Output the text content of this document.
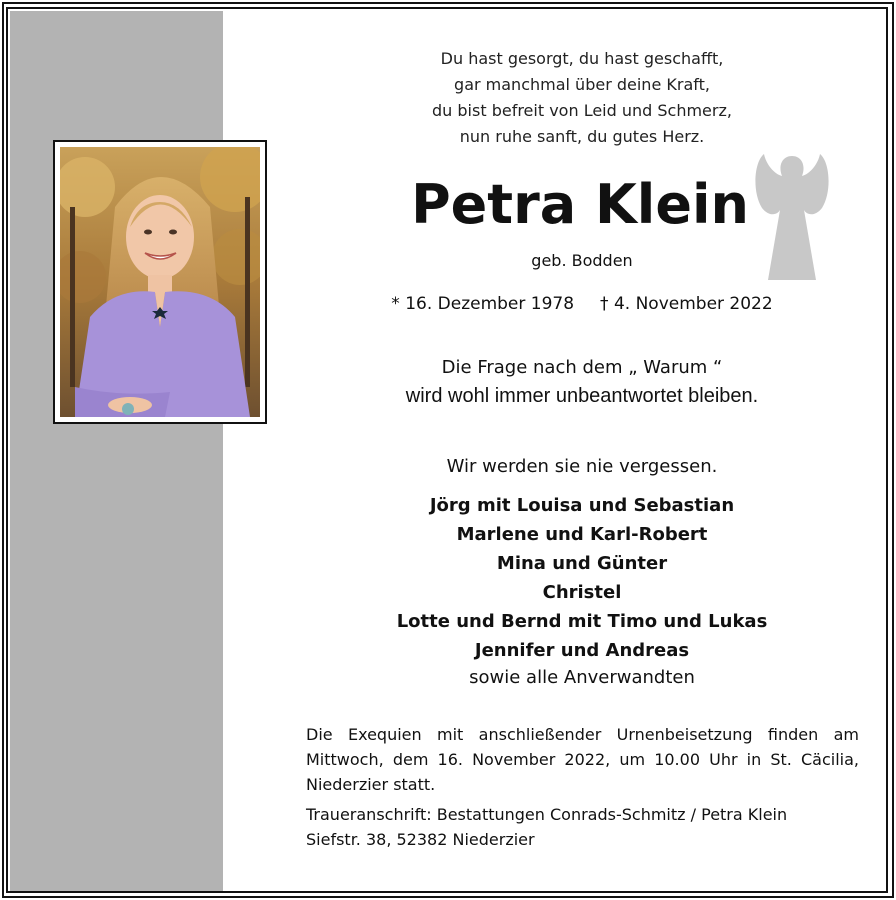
Du hast gesorgt, du hast geschafft,
gar manchmal über deine Kraft,
du bist befreit von Leid und Schmerz,
nun ruhe sanft, du gutes Herz.
Petra Klein
geb. Bodden
* 16. Dezember 1978 † 4. November 2022
Die Frage nach dem „ Warum “
wird wohl immer unbeantwortet bleiben.
Wir werden sie nie vergessen.
Jörg mit Louisa und Sebastian
Marlene und Karl-Robert
Mina und Günter
Christel
Lotte und Bernd mit Timo und Lukas
Jennifer und Andreas
sowie alle Anverwandten
Die Exequien mit anschließender Urnenbeisetzung finden am
Mittwoch, dem 16. November 2022, um 10.00 Uhr in St. Cäcilia,
Niederzier statt.
Traueranschrift: Bestattungen Conrads-Schmitz / Petra Klein
Siefstr. 38, 52382 Niederzier
